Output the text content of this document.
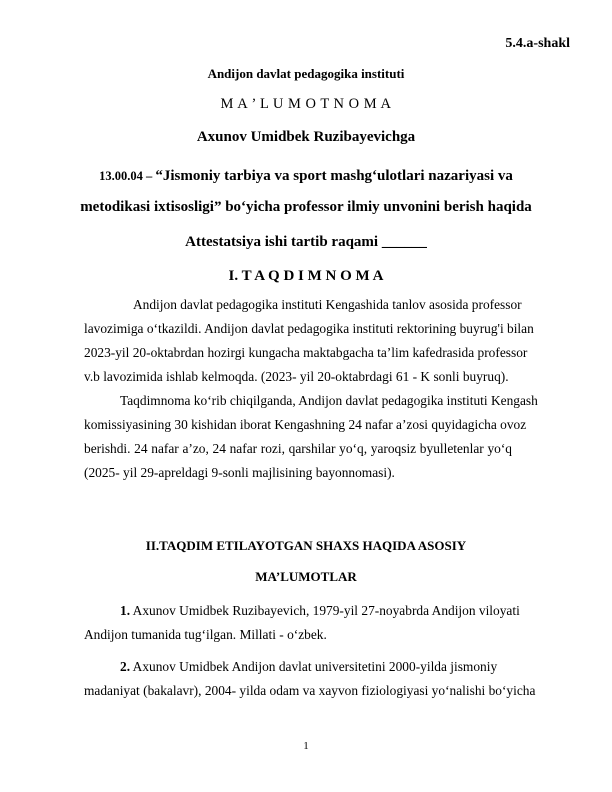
5.4.a-shakl
Andijon davlat pedagogika instituti
M A ’ L U M O T N O M A
Axunov Umidbek Ruzibayevichga
13.00.04 – “Jismoniy tarbiya va sport mashg‘ulotlari nazariyasi va
metodikasi ixtisosligi” bo‘yicha professor ilmiy unvonini berish haqida
Attestatsiya ishi tartib raqami ______
I. T A Q D I M N O M A
Andijon davlat pedagogika instituti Kengashida tanlov asosida professor
lavozimiga o‘tkazildi. Andijon davlat pedagogika instituti rektorining buyrug'i bilan
2023-yil 20-oktabrdan hozirgi kungacha maktabgacha ta’lim kafedrasida professor
v.b lavozimida ishlab kelmoqda. (2023- yil 20-oktabrdagi 61 - K sonli buyruq).
Taqdimnoma ko‘rib chiqilganda, Andijon davlat pedagogika instituti Kengash
komissiyasining 30 kishidan iborat Kengashning 24 nafar a’zosi quyidagicha ovoz
berishdi. 24 nafar a’zo, 24 nafar rozi, qarshilar yo‘q, yaroqsiz byulletenlar yo‘q
(2025- yil 29-apreldagi 9-sonli majlisining bayonnomasi).
II.TAQDIM ETILAYOTGAN SHAXS HAQIDA ASOSIY
MA’LUMOTLAR
1. Axunov Umidbek Ruzibayevich, 1979-yil 27-noyabrda Andijon viloyati
Andijon tumanida tug‘ilgan. Millati - o‘zbek.
2. Axunov Umidbek Andijon davlat universitetini 2000-yilda jismoniy
madaniyat (bakalavr), 2004- yilda odam va xayvon fiziologiyasi yo‘nalishi bo‘yicha
1
